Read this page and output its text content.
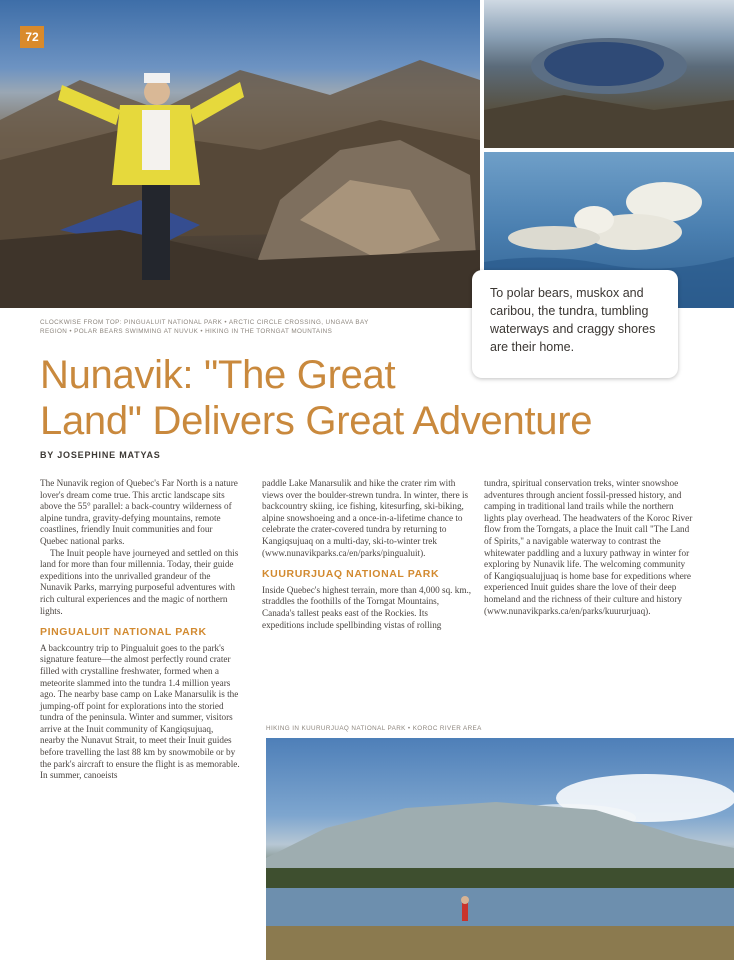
72
To polar bears, muskox and caribou, the tundra, tumbling waterways and craggy shores are their home.
CLOCKWISE FROM TOP: PINGUALUIT NATIONAL PARK • ARCTIC CIRCLE CROSSING, UNGAVA BAY
REGION • POLAR BEARS SWIMMING AT NUVUK • HIKING IN THE TORNGAT MOUNTAINS
Nunavik: "The Great
Land" Delivers Great Adventure
BY JOSEPHINE MATYAS

The Nunavik region of Quebec's Far North is a nature lover's dream come true. This arctic landscape sits above the 55° parallel: a back-country wilderness of alpine tundra, gravity-defying mountains, remote coastlines, friendly Inuit communities and four Quebec national parks.

The Inuit people have journeyed and settled on this land for more than four millennia. Today, their guide expeditions into the unrivalled grandeur of the Nunavik Parks, marrying purposeful adventures with rich cultural experiences and the magic of northern lights.

PINGUALUIT NATIONAL PARK

A backcountry trip to Pingualuit goes to the park's signature feature—the almost perfectly round crater filled with crystalline freshwater, formed when a meteorite slammed into the tundra 1.4 million years ago. The nearby base camp on Lake Manarsulik is the jumping-off point for explorations into the storied tundra of the peninsula. Winter and summer, visitors arrive at the Inuit community of Kangiqsujuaq, nearby the Nunavut Strait, to meet their Inuit guides before travelling the last 88 km by snowmobile or by the park's aircraft to ensure the flight is as memorable. In summer, canoeists

paddle Lake Manarsulik and hike the crater rim with views over the boulder-strewn tundra. In winter, there is backcountry skiing, ice fishing, kitesurfing, ski-biking, alpine snowshoeing and a once-in-a-lifetime chance to celebrate the crater-covered tundra by returning to Kangiqsujuaq on a multi-day, ski-to-winter trek (www.nunavikparks.ca/en/parks/pingualuit).

KUURURJUAQ NATIONAL PARK

Inside Quebec's highest terrain, more than 4,000 sq. km., straddles the foothills of the Torngat Mountains, Canada's tallest peaks east of the Rockies. Its expeditions include spellbinding vistas of rolling

tundra, spiritual conservation treks, winter snowshoe adventures through ancient fossil-pressed history, and camping in traditional land trails while the northern lights play overhead. The headwaters of the Koroc River flow from the Torngats, a place the Inuit call "The Land of Spirits," a navigable waterway to contrast the whitewater paddling and a luxury pathway in winter for exploring by Nunavik life. The welcoming community of Kangiqsualujjuaq is home base for expeditions where experienced Inuit guides share the love of their deep homeland and the richness of their culture and history (www.nunavikparks.ca/en/parks/kuururjuaq).

HIKING IN KUURURJUAQ NATIONAL PARK • KOROC RIVER AREA
